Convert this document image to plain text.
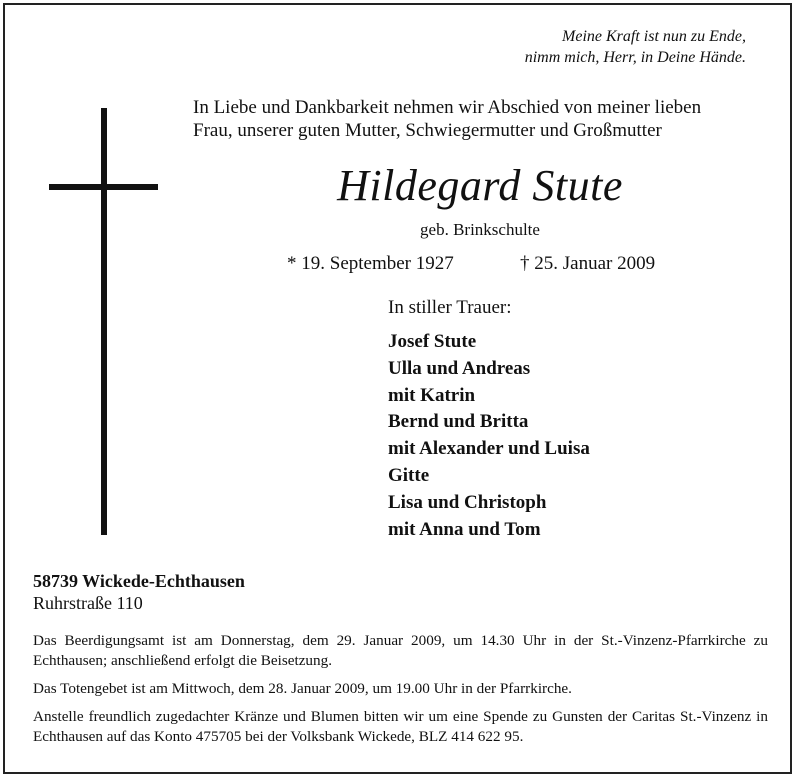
Meine Kraft ist nun zu Ende,
nimm mich, Herr, in Deine Hände.
In Liebe und Dankbarkeit nehmen wir Abschied von meiner lieben
Frau, unserer guten Mutter, Schwiegermutter und Großmutter
Hildegard Stute
geb. Brinkschulte
* 19. September 1927	† 25. Januar 2009
In stiller Trauer:
Josef Stute
Ulla und Andreas
mit Katrin
Bernd und Britta
mit Alexander und Luisa
Gitte
Lisa und Christoph
mit Anna und Tom
58739 Wickede-Echthausen
Ruhrstraße 110
Das Beerdigungsamt ist am Donnerstag, dem 29. Januar 2009, um 14.30 Uhr in der St.-Vinzenz-Pfarrkirche zu Echthausen; anschließend erfolgt die Beisetzung.
Das Totengebet ist am Mittwoch, dem 28. Januar 2009, um 19.00 Uhr in der Pfarrkirche.
Anstelle freundlich zugedachter Kränze und Blumen bitten wir um eine Spende zu Gunsten der Caritas St.-Vinzenz in Echthausen auf das Konto 475705 bei der Volksbank Wickede, BLZ 414 622 95.
